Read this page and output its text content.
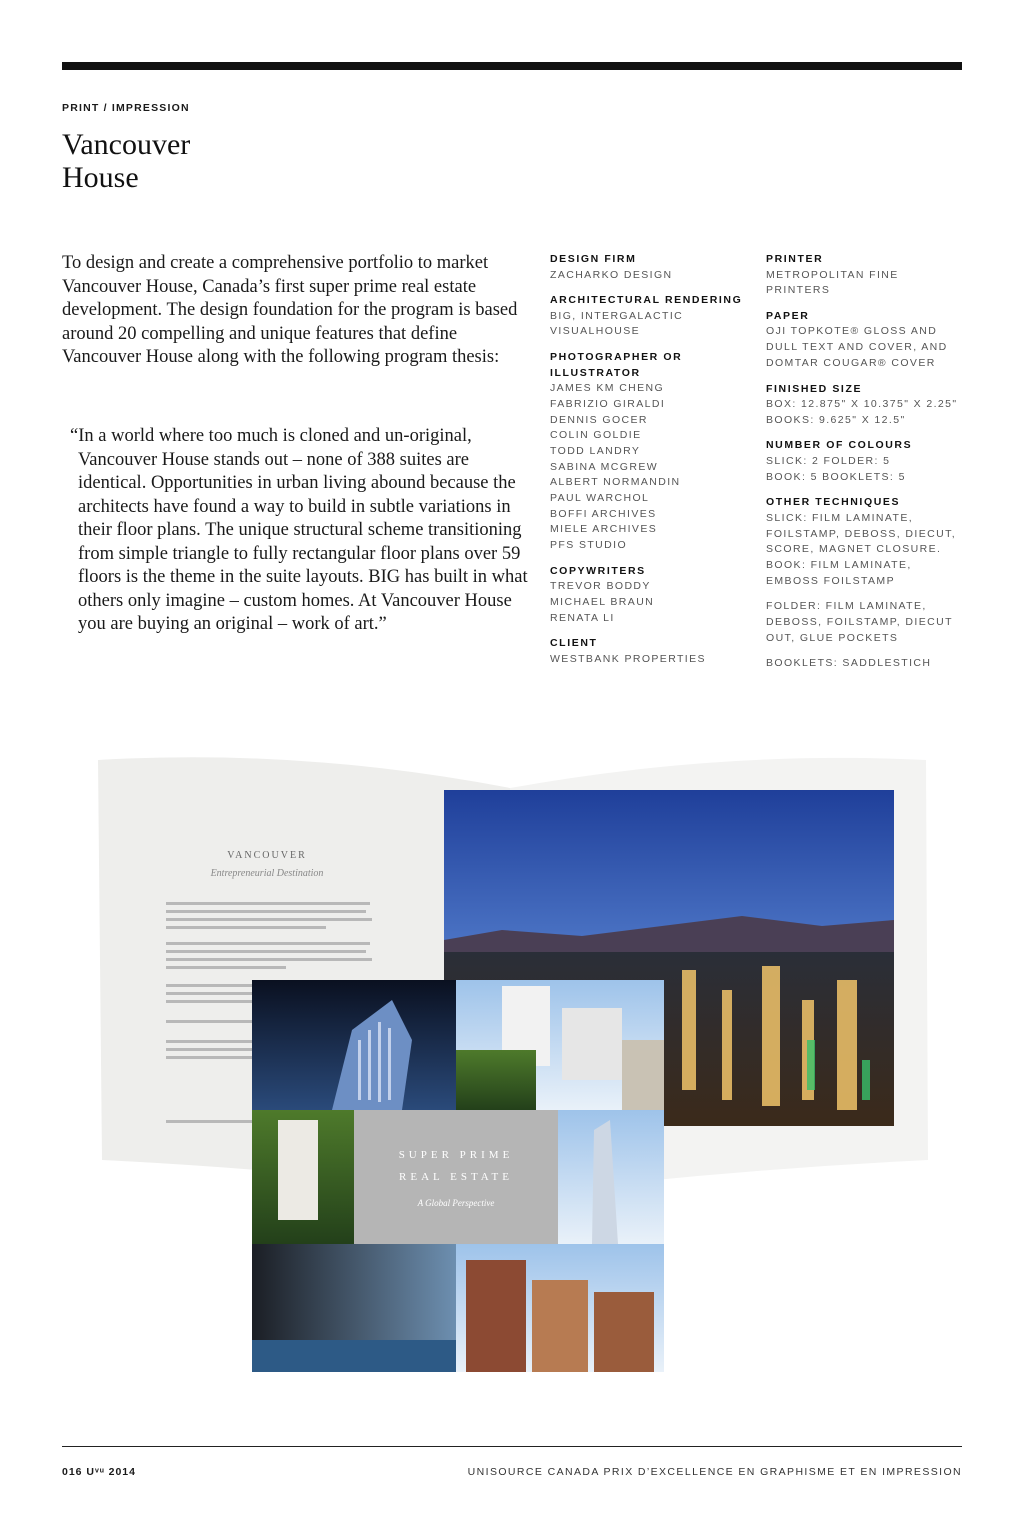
PRINT / IMPRESSION
Vancouver
House

To design and create a comprehensive portfolio to market Vancouver House, Canada’s first super prime real estate development. The design foundation for the program is based around 20 compelling and unique features that define Vancouver House along with the following program thesis:

“In a world where too much is cloned and un-original, Vancouver House stands out – none of 388 suites are identical. Opportunities in urban living abound because the architects have found a way to build in subtle variations in their floor plans. The unique structural scheme transitioning from simple triangle to fully rectangular floor plans over 59 floors is the theme in the suite layouts. BIG has built in what others only imagine – custom homes. At Vancouver House you are buying an original – work of art.”

DESIGN FIRM
ZACHARKO DESIGN
ARCHITECTURAL RENDERING
BIG, INTERGALACTIC
VISUALHOUSE
PHOTOGRAPHER OR ILLUSTRATOR
JAMES KM CHENG
FABRIZIO GIRALDI
DENNIS GOCER
COLIN GOLDIE
TODD LANDRY
SABINA MCGREW
ALBERT NORMANDIN
PAUL WARCHOL
BOFFI ARCHIVES
MIELE ARCHIVES
PFS STUDIO
COPYWRITERS
TREVOR BODDY
MICHAEL BRAUN
RENATA LI
CLIENT
WESTBANK PROPERTIES
PRINTER
METROPOLITAN FINE PRINTERS
PAPER
OJI TOPKOTE® GLOSS AND DULL TEXT AND COVER, AND DOMTAR COUGAR® COVER
FINISHED SIZE
BOX: 12.875" X 10.375" X 2.25"
BOOKS: 9.625" X 12.5"
NUMBER OF COLOURS
SLICK: 2 FOLDER: 5
BOOK: 5 BOOKLETS: 5
OTHER TECHNIQUES
SLICK: FILM LAMINATE, FOILSTAMP, DEBOSS, DIECUT, SCORE, MAGNET CLOSURE.
BOOK: FILM LAMINATE, EMBOSS FOILSTAMP
FOLDER: FILM LAMINATE, DEBOSS, FOILSTAMP, DIECUT OUT, GLUE POCKETS
BOOKLETS: SADDLESTICH
VANCOUVER
Entrepreneurial Destination
SUPER PRIME
REAL ESTATE
A Global Perspective
016 Uᵛᵘ 2014	UNISOURCE CANADA PRIX D’EXCELLENCE EN GRAPHISME ET EN IMPRESSION
